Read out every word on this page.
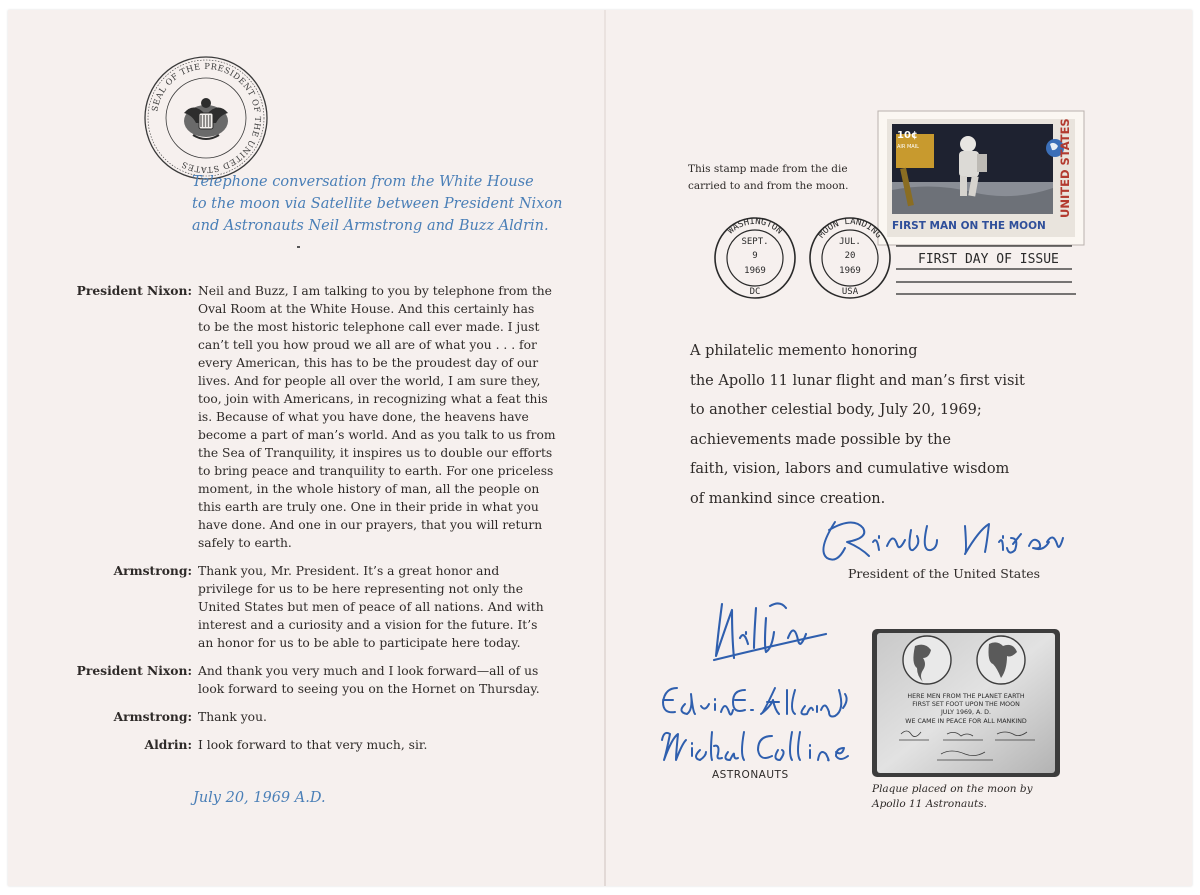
SEAL OF THE PRESIDENT OF THE UNITED STATES
Telephone conversation from the White House
to the moon via Satellite between President Nixon
and Astronauts Neil Armstrong and Buzz Aldrin.
President Nixon: Neil and Buzz, I am talking to you by telephone from the
Oval Room at the White House. And this certainly has
to be the most historic telephone call ever made. I just
can’t tell you how proud we all are of what you . . . for
every American, this has to be the proudest day of our
lives. And for people all over the world, I am sure they,
too, join with Americans, in recognizing what a feat this
is. Because of what you have done, the heavens have
become a part of man’s world. And as you talk to us from
the Sea of Tranquility, it inspires us to double our efforts
to bring peace and tranquility to earth. For one priceless
moment, in the whole history of man, all the people on
this earth are truly one. One in their pride in what you
have done. And one in our prayers, that you will return
safely to earth.
Armstrong: Thank you, Mr. President. It’s a great honor and
privilege for us to be here representing not only the
United States but men of peace of all nations. And with
interest and a curiosity and a vision for the future. It’s
an honor for us to be able to participate here today.
President Nixon: And thank you very much and I look forward—all of us
look forward to seeing you on the Hornet on Thursday.
Armstrong: Thank you.
Aldrin: I look forward to that very much, sir.
July 20, 1969 A.D.
This stamp made from the die
carried to and from the moon.
10¢
AIR MAIL
FIRST MAN ON THE MOON
UNITED STATES
WASHINGTON
SEPT.
9
1969
DC
MOON LANDING
JUL.
20
1969
USA
FIRST DAY OF ISSUE
A philatelic memento honoring
the Apollo 11 lunar flight and man’s first visit
to another celestial body, July 20, 1969;
achievements made possible by the
faith, vision, labors and cumulative wisdom
of mankind since creation.
President of the United States
ASTRONAUTS
HERE MEN FROM THE PLANET EARTH
FIRST SET FOOT UPON THE MOON
JULY 1969, A. D.
WE CAME IN PEACE FOR ALL MANKIND
Plaque placed on the moon by
Apollo 11 Astronauts.
